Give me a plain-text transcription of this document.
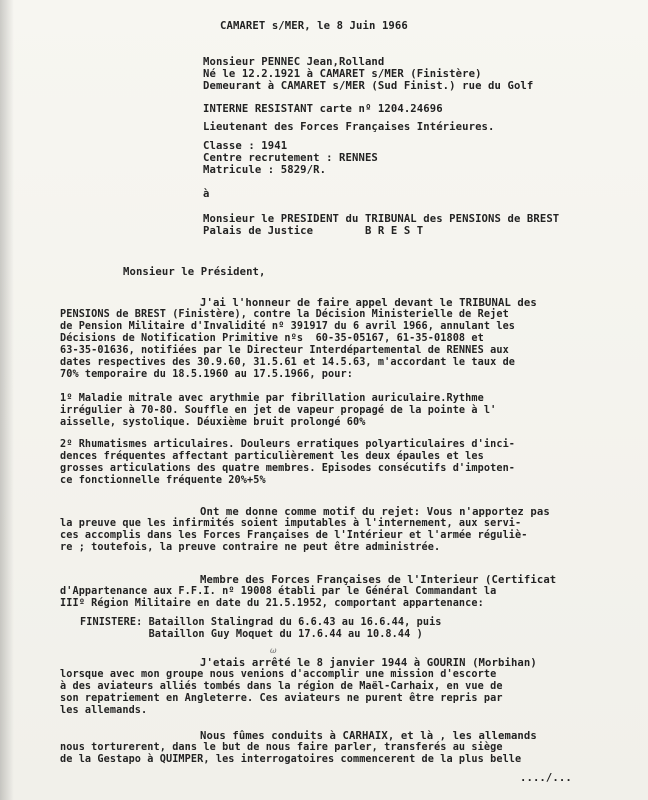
CAMARET s/MER, le 8 Juin 1966
Monsieur PENNEC Jean,Rolland
Né le 12.2.1921 à CAMARET s/MER (Finistère)
Demeurant à CAMARET s/MER (Sud Finist.) rue du Golf
INTERNE RESISTANT carte nº 1204.24696
Lieutenant des Forces Françaises Intérieures.
Classe : 1941
Centre recrutement : RENNES
Matricule : 5829/R.
à
Monsieur le PRESIDENT du TRIBUNAL des PENSIONS de BREST
Palais de Justice        B R E S T
Monsieur le Président,
J'ai l'honneur de faire appel devant le TRIBUNAL des
PENSIONS de BREST (Finistère), contre la Décision Ministerielle de Rejet
de Pension Militaire d'Invalidité nº 391917 du 6 avril 1966, annulant les
Décisions de Notification Primitive nºs  60-35-05167, 61-35-01808 et
63-35-01636, notifiées par le Directeur Interdépartemental de RENNES aux
dates respectives des 30.9.60, 31.5.61 et 14.5.63, m'accordant le taux de
70% temporaire du 18.5.1960 au 17.5.1966, pour:
1º Maladie mitrale avec arythmie par fibrillation auriculaire.Rythme
irrégulier à 70-80. Souffle en jet de vapeur propagé de la pointe à l'
aisselle, systolique. Déuxième bruit prolongé 60%
2º Rhumatismes articulaires. Douleurs erratiques polyarticulaires d'inci-
dences fréquentes affectant particulièrement les deux épaules et les
grosses articulations des quatre membres. Episodes consécutifs d'impoten-
ce fonctionnelle fréquente 20%+5%
Ont me donne comme motif du rejet: Vous n'apportez pas
la preuve que les infirmités soient imputables à l'internement, aux servi-
ces accomplis dans les Forces Françaises de l'Intérieur et l'armée réguliè-
re ; toutefois, la preuve contraire ne peut être administrée.
Membre des Forces Françaises de l'Interieur (Certificat
d'Appartenance aux F.F.I. nº 19008 établi par le Général Commandant la
IIIº Région Militaire en date du 21.5.1952, comportant appartenance:
FINISTERE: Bataillon Stalingrad du 6.6.43 au 16.6.44, puis
Bataillon Guy Moquet du 17.6.44 au 10.8.44 )
ω
J'etais arrêté le 8 janvier 1944 à GOURIN (Morbihan)
lorsque avec mon groupe nous venions d'accomplir une mission d'escorte
à des aviateurs alliés tombés dans la région de Maël-Carhaix, en vue de
son repatriement en Angleterre. Ces aviateurs ne purent être repris par
les allemands.
Nous fûmes conduits à CARHAIX, et là , les allemands
nous torturerent, dans le but de nous faire parler, transferés au siège
de la Gestapo à QUIMPER, les interrogatoires commencerent de la plus belle
..../...
